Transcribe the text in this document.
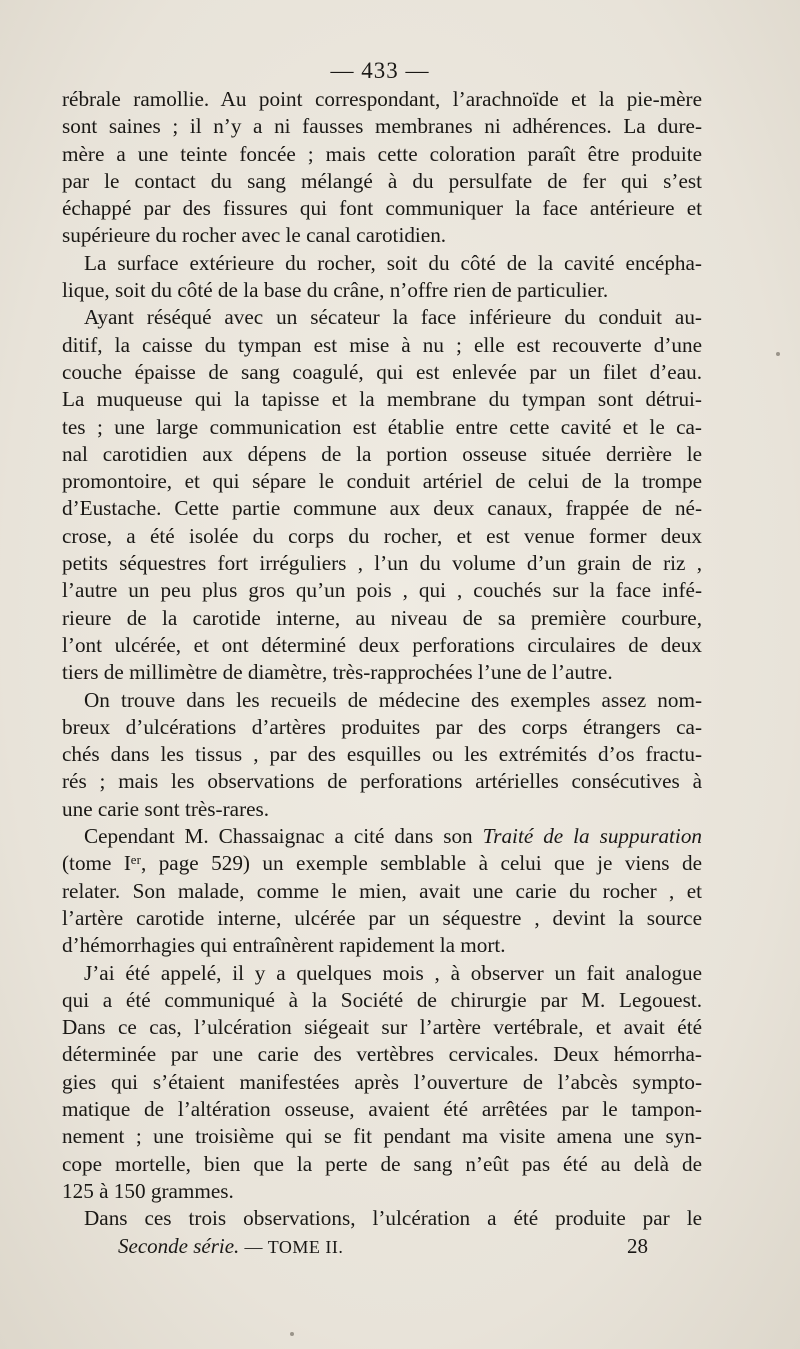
— 433 —
rébrale ramollie. Au point correspondant, l’arachnoïde et la pie-mère
sont saines ; il n’y a ni fausses membranes ni adhérences. La dure-
mère a une teinte foncée ; mais cette coloration paraît être produite
par le contact du sang mélangé à du persulfate de fer qui s’est
échappé par des fissures qui font communiquer la face antérieure et
supérieure du rocher avec le canal carotidien.
La surface extérieure du rocher, soit du côté de la cavité encépha-
lique, soit du côté de la base du crâne, n’offre rien de particulier.
Ayant réséqué avec un sécateur la face inférieure du conduit au-
ditif, la caisse du tympan est mise à nu ; elle est recouverte d’une
couche épaisse de sang coagulé, qui est enlevée par un filet d’eau.
La muqueuse qui la tapisse et la membrane du tympan sont détrui-
tes ; une large communication est établie entre cette cavité et le ca-
nal carotidien aux dépens de la portion osseuse située derrière le
promontoire, et qui sépare le conduit artériel de celui de la trompe
d’Eustache. Cette partie commune aux deux canaux, frappée de né-
crose, a été isolée du corps du rocher, et est venue former deux
petits séquestres fort irréguliers , l’un du volume d’un grain de riz ,
l’autre un peu plus gros qu’un pois , qui , couchés sur la face infé-
rieure de la carotide interne, au niveau de sa première courbure,
l’ont ulcérée, et ont déterminé deux perforations circulaires de deux
tiers de millimètre de diamètre, très-rapprochées l’une de l’autre.
On trouve dans les recueils de médecine des exemples assez nom-
breux d’ulcérations d’artères produites par des corps étrangers ca-
chés dans les tissus , par des esquilles ou les extrémités d’os fractu-
rés ; mais les observations de perforations artérielles consécutives à
une carie sont très-rares.
Cependant M. Chassaignac a cité dans son Traité de la suppuration
(tome Iᵉʳ, page 529) un exemple semblable à celui que je viens de
relater. Son malade, comme le mien, avait une carie du rocher , et
l’artère carotide interne, ulcérée par un séquestre , devint la source
d’hémorrhagies qui entraînèrent rapidement la mort.
J’ai été appelé, il y a quelques mois , à observer un fait analogue
qui a été communiqué à la Société de chirurgie par M. Legouest.
Dans ce cas, l’ulcération siégeait sur l’artère vertébrale, et avait été
déterminée par une carie des vertèbres cervicales. Deux hémorrha-
gies qui s’étaient manifestées après l’ouverture de l’abcès sympto-
matique de l’altération osseuse, avaient été arrêtées par le tampon-
nement ; une troisième qui se fit pendant ma visite amena une syn-
cope mortelle, bien que la perte de sang n’eût pas été au delà de
125 à 150 grammes.
Dans ces trois observations, l’ulcération a été produite par le
Seconde série. — TOME II.	28
